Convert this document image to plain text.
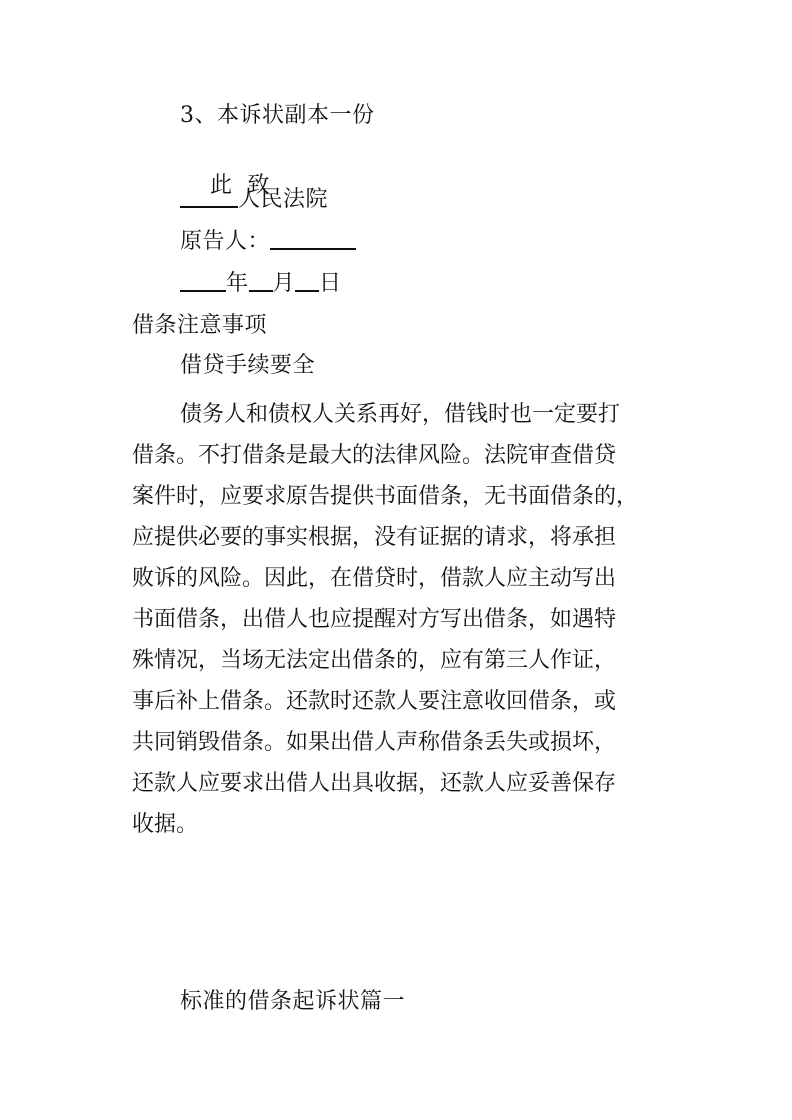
3、本诉状副本一份

此  致

人民法院
原告人：
年 月 日
借条注意事项
借贷手续要全
债务人和债权人关系再好，借钱时也一定要打
借条。不打借条是最大的法律风险。法院审查借贷
案件时，应要求原告提供书面借条，无书面借条的，
应提供必要的事实根据，没有证据的请求，将承担
败诉的风险。因此，在借贷时，借款人应主动写出
书面借条，出借人也应提醒对方写出借条，如遇特
殊情况，当场无法定出借条的，应有第三人作证，
事后补上借条。还款时还款人要注意收回借条，或
共同销毁借条。如果出借人声称借条丢失或损坏，
还款人应要求出借人出具收据，还款人应妥善保存
收据。
标准的借条起诉状篇一
